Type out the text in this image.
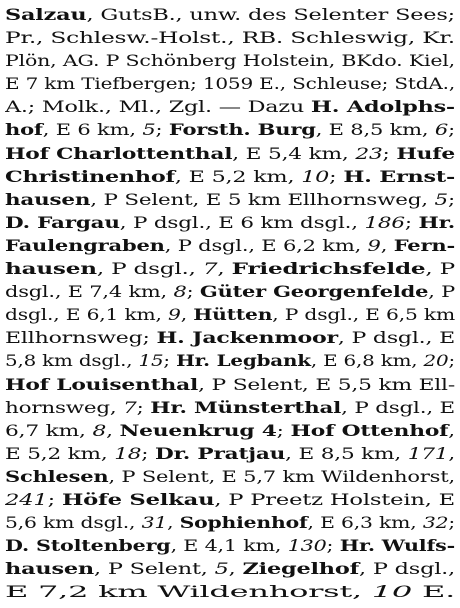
Salzau, GutsB., unw. des Selenter Sees;
Pr., Schlesw.-Holst., RB. Schleswig, Kr.
Plön, AG. P Schönberg Holstein, BKdo. Kiel,
E 7 km Tiefbergen; 1059 E., Schleuse; StdA.,
A.; Molk., Ml., Zgl. — Dazu H. Adolphs-
hof, E 6 km, 5; Forsth. Burg, E 8,5 km, 6;
Hof Charlottenthal, E 5,4 km, 23; Hufe
Christinenhof, E 5,2 km, 10; H. Ernst-
hausen, P Selent, E 5 km Ellhornsweg, 5;
D. Fargau, P dsgl., E 6 km dsgl., 186; Hr.
Faulengraben, P dsgl., E 6,2 km, 9, Fern-
hausen, P dsgl., 7, Friedrichsfelde, P
dsgl., E 7,4 km, 8; Güter Georgenfelde, P
dsgl., E 6,1 km, 9, Hütten, P dsgl., E 6,5 km
Ellhornsweg; H. Jackenmoor, P dsgl., E
5,8 km dsgl., 15; Hr. Legbank, E 6,8 km, 20;
Hof Louisenthal, P Selent, E 5,5 km Ell-
hornsweg, 7; Hr. Münsterthal, P dsgl., E
6,7 km, 8, Neuenkrug 4; Hof Ottenhof,
E 5,2 km, 18; Dr. Pratjau, E 8,5 km, 171,
Schlesen, P Selent, E 5,7 km Wildenhorst,
241; Höfe Selkau, P Preetz Holstein, E
5,6 km dsgl., 31, Sophienhof, E 6,3 km, 32;
D. Stoltenberg, E 4,1 km, 130; Hr. Wulfs-
hausen, P Selent, 5, Ziegelhof, P dsgl.,
E 7,2 km Wildenhorst, 10 E.
